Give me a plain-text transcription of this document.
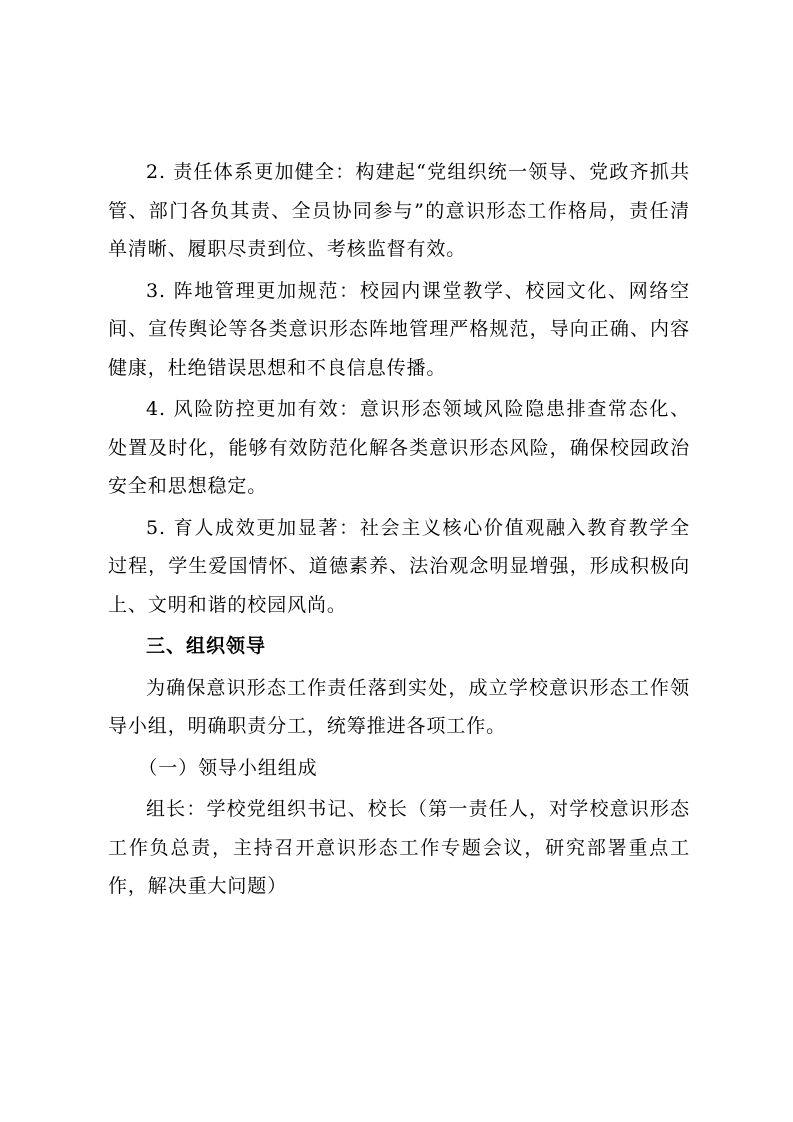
2. 责任体系更加健全：构建起“党组织统一领导、党政齐抓共管、部门各负其责、全员协同参与”的意识形态工作格局，责任清单清晰、履职尽责到位、考核监督有效。

3. 阵地管理更加规范：校园内课堂教学、校园文化、网络空间、宣传舆论等各类意识形态阵地管理严格规范，导向正确、内容健康，杜绝错误思想和不良信息传播。

4. 风险防控更加有效：意识形态领域风险隐患排查常态化、处置及时化，能够有效防范化解各类意识形态风险，确保校园政治安全和思想稳定。

5. 育人成效更加显著：社会主义核心价值观融入教育教学全过程，学生爱国情怀、道德素养、法治观念明显增强，形成积极向上、文明和谐的校园风尚。

三、组织领导

为确保意识形态工作责任落到实处，成立学校意识形态工作领导小组，明确职责分工，统筹推进各项工作。

（一）领导小组组成

组长：学校党组织书记、校长（第一责任人，对学校意识形态工作负总责，主持召开意识形态工作专题会议，研究部署重点工作，解决重大问题）
